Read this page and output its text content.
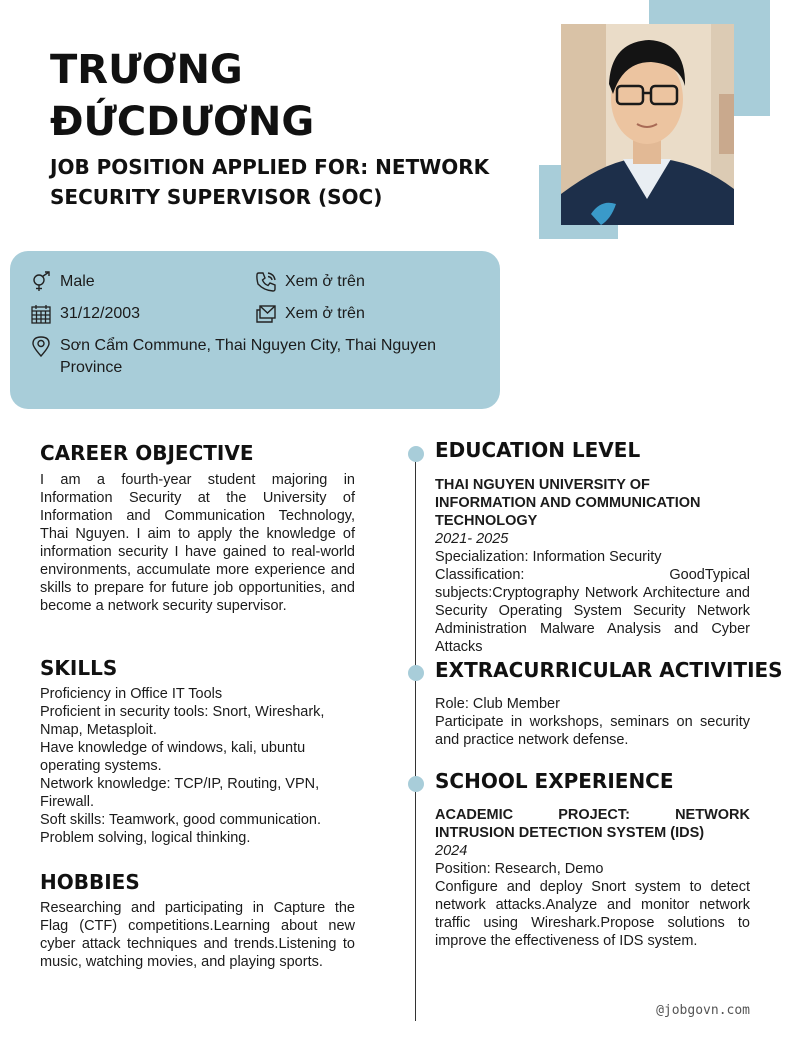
TRƯƠNG
ĐỨCDƯƠNG
JOB POSITION APPLIED FOR: NETWORK SECURITY SUPERVISOR (SOC)
Male	Xem ở trên
31/12/2003	Xem ở trên
Sơn Cẩm Commune, Thai Nguyen City, Thai Nguyen Province
CAREER OBJECTIVE
I am a fourth-year student majoring in Information Security at the University of Information and Communication Technology, Thai Nguyen. I aim to apply the knowledge of information security I have gained to real-world environments, accumulate more experience and skills to prepare for future job opportunities, and become a network security supervisor.
SKILLS
Proficiency in Office IT Tools
Proficient in security tools: Snort, Wireshark, Nmap, Metasploit.
Have knowledge of windows, kali, ubuntu operating systems.
Network knowledge: TCP/IP, Routing, VPN, Firewall.
Soft skills: Teamwork, good communication.
Problem solving, logical thinking.
HOBBIES
Researching and participating in Capture the Flag (CTF) competitions.Learning about new cyber attack techniques and trends.Listening to music, watching movies, and playing sports.
EDUCATION LEVEL
THAI NGUYEN UNIVERSITY OF INFORMATION AND COMMUNICATION TECHNOLOGY
2021- 2025
Specialization: Information Security
Classification: GoodTypical subjects:Cryptography Network Architecture and Security Operating System Security Network Administration Malware Analysis and Cyber Attacks
EXTRACURRICULAR ACTIVITIES
Role: Club Member
Participate in workshops, seminars on security and practice network defense.
SCHOOL EXPERIENCE
ACADEMIC PROJECT: NETWORK INTRUSION DETECTION SYSTEM (IDS)
2024
Position: Research, Demo
Configure and deploy Snort system to detect network attacks.Analyze and monitor network traffic using Wireshark.Propose solutions to improve the effectiveness of IDS system.
@jobgovn.com
